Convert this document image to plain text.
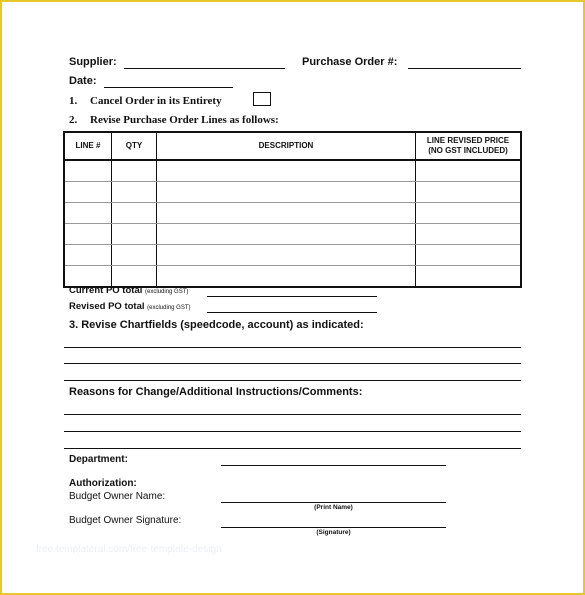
Supplier:	Purchase Order #:
Date:
1. Cancel Order in its Entirety
2. Revise Purchase Order Lines as follows:
LINE #	QTY	DESCRIPTION	LINE REVISED PRICE
(NO GST INCLUDED)

Current PO total (excluding GST)
Revised PO total (excluding GST)
3. Revise Chartfields (speedcode, account) as indicated:
Reasons for Change/Additional Instructions/Comments:
Department:
Authorization:
Budget Owner Name:
(Print Name)
Budget Owner Signature:
(Signature)
free.templateral.com/free-template-design
